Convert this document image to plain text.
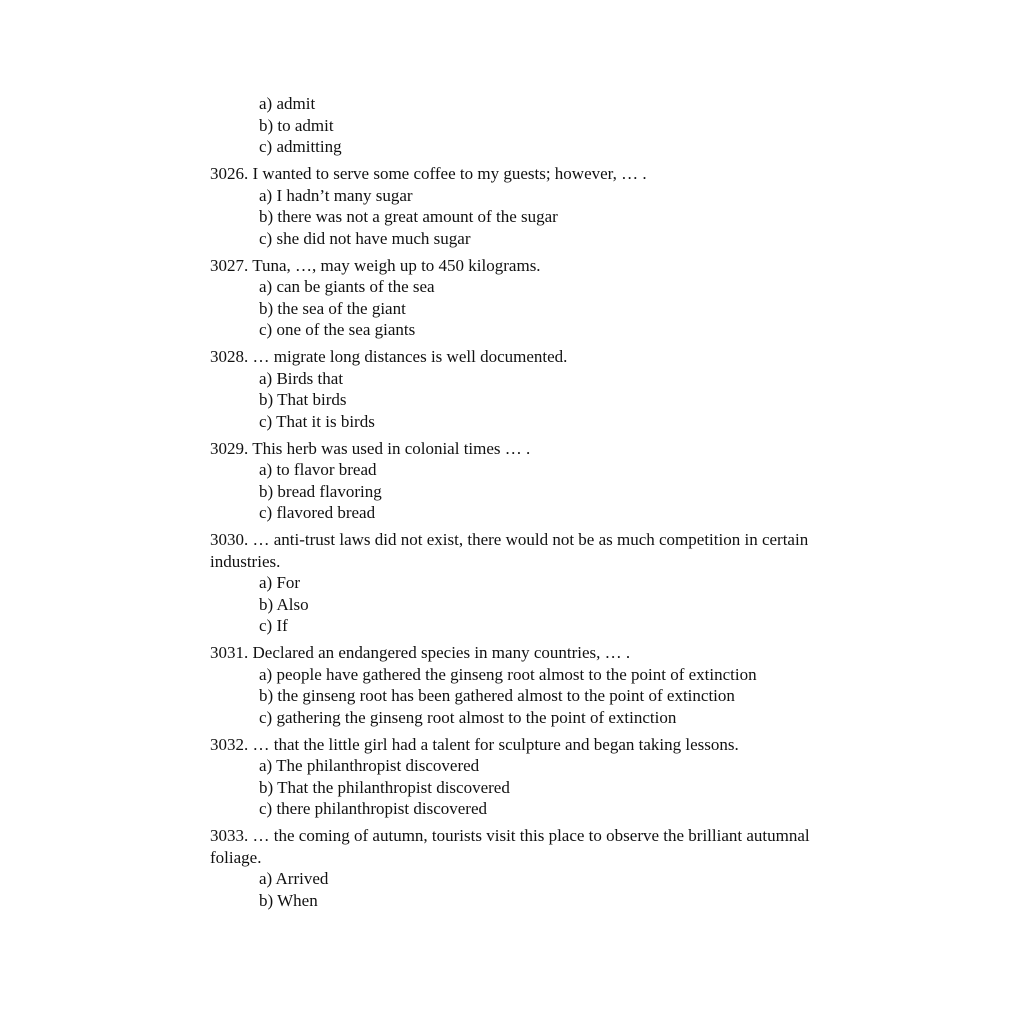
a) admit
b) to admit
c) admitting
3026. I wanted to serve some coffee to my guests; however, … .
a) I hadn’t many sugar
b) there was not a great amount of the sugar
c) she did not have much sugar
3027. Tuna, …, may weigh up to 450 kilograms.
a) can be giants of the sea
b) the sea of the giant
c) one of the sea giants
3028. … migrate long distances is well documented.
a) Birds that
b) That birds
c) That it is birds
3029. This herb was used in colonial times … .
a) to flavor bread
b) bread flavoring
c) flavored bread
3030. … anti-trust laws did not exist, there would not be as much competition in certain industries.
a) For
b) Also
c) If
3031. Declared an endangered species in many countries, … .
a) people have gathered the ginseng root almost to the point of extinction
b) the ginseng root has been gathered almost to the point of extinction
c) gathering the ginseng root almost to the point of extinction
3032. … that the little girl had a talent for sculpture and began taking lessons.
a) The philanthropist discovered
b) That the philanthropist discovered
c) there philanthropist discovered
3033. … the coming of autumn, tourists visit this place to observe the brilliant autumnal foliage.
a) Arrived
b) When
